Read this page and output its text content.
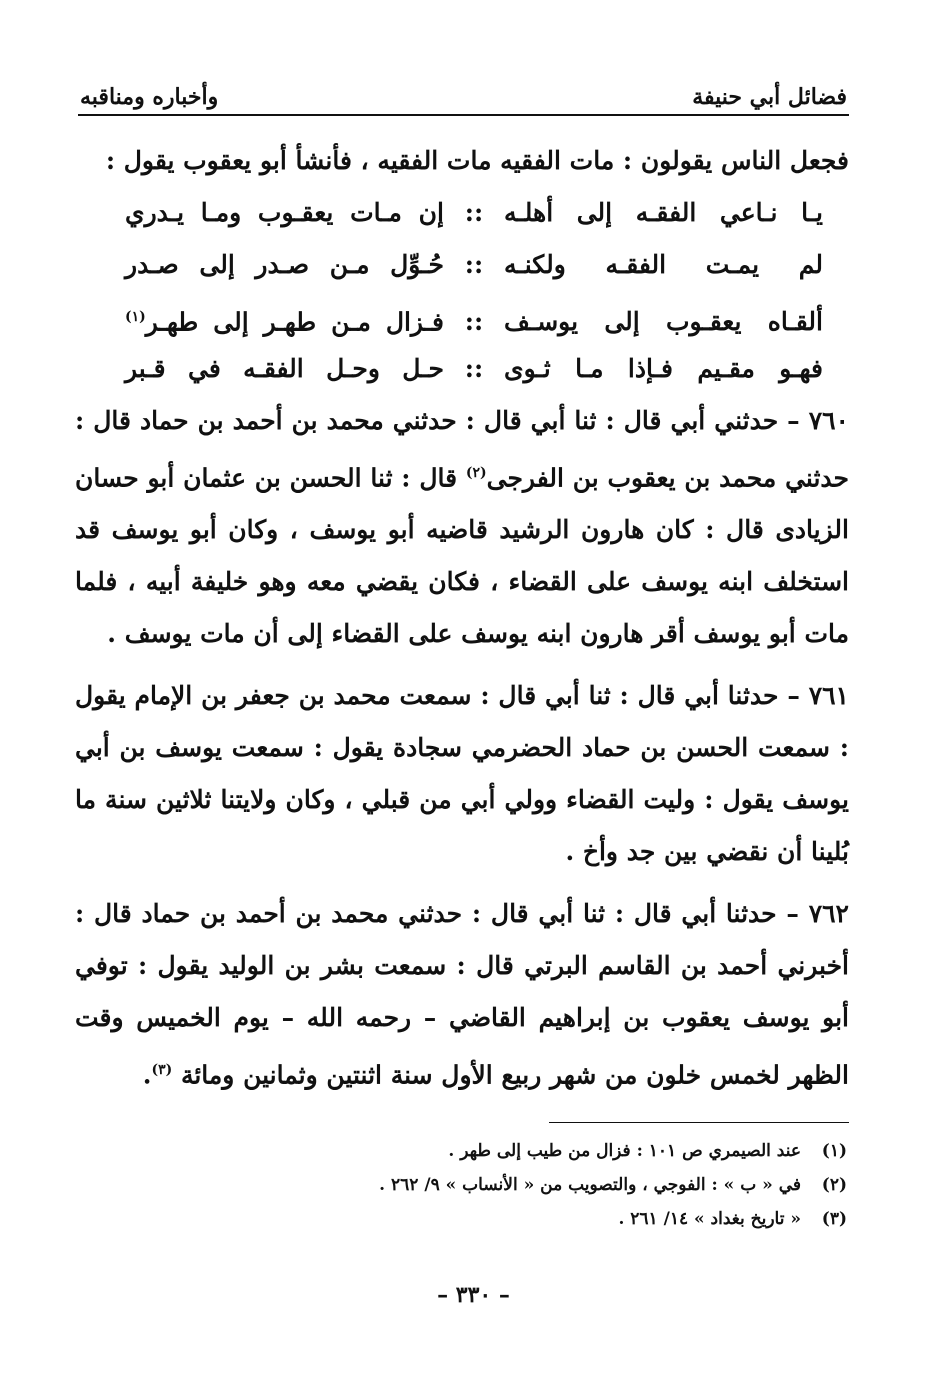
فضائل أبي حنيفة
وأخباره ومناقبه

فجعل الناس يقولون : مات الفقيه مات الفقيه ، فأنشأ أبو يعقوب يقول :

يـا نـاعي الفقـه إلى أهلـه
::
إن مـات يعقـوب ومـا يـدري
لم يمـت الفقـه ولكنـه
::
حُـوِّل مـن صـدر إلى صـدر
ألقـاه يعقـوب إلى يوسـف
::
فـزال مـن طهـر إلى طهـر$^{(١)}$
فهـو مقـيم فـإذا مـا ثـوى
::
حـل وحـل الفقـه في قـبر

٧٦٠ – حدثني أبي قال : ثنا أبي قال : حدثني محمد بن أحمد بن حماد قال : حدثني محمد بن يعقوب بن الفرجى$^{(٢)}$ قال : ثنا الحسن بن عثمان أبو حسان الزيادى قال : كان هارون الرشيد قاضيه أبو يوسف ، وكان أبو يوسف قد استخلف ابنه يوسف على القضاء ، فكان يقضي معه وهو خليفة أبيه ، فلما مات أبو يوسف أقر هارون ابنه يوسف على القضاء إلى أن مات يوسف .

٧٦١ – حدثنا أبي قال : ثنا أبي قال : سمعت محمد بن جعفر بن الإمام يقول : سمعت الحسن بن حماد الحضرمي سجادة يقول : سمعت يوسف بن أبي يوسف يقول : وليت القضاء وولي أبي من قبلي ، وكان ولايتنا ثلاثين سنة ما بُلينا أن نقضي بين جد وأخ .

٧٦٢ – حدثنا أبي قال : ثنا أبي قال : حدثني محمد بن أحمد بن حماد قال : أخبرني أحمد بن القاسم البرتي قال : سمعت بشر بن الوليد يقول : توفي أبو يوسف يعقوب بن إبراهيم القاضي – رحمه الله – يوم الخميس وقت الظهر لخمس خلون من شهر ربيع الأول سنة اثنتين وثمانين ومائة $^{(٣)}$.

(١)
عند الصيمري ص ١٠١ : فزال من طيب إلى طهر .
(٢)
في « ب » : الفوجي ، والتصويب من « الأنساب » ٩/ ٢٦٢ .
(٣)
« تاريخ بغداد » ١٤/ ٢٦١ .
– ٣٣٠ –
